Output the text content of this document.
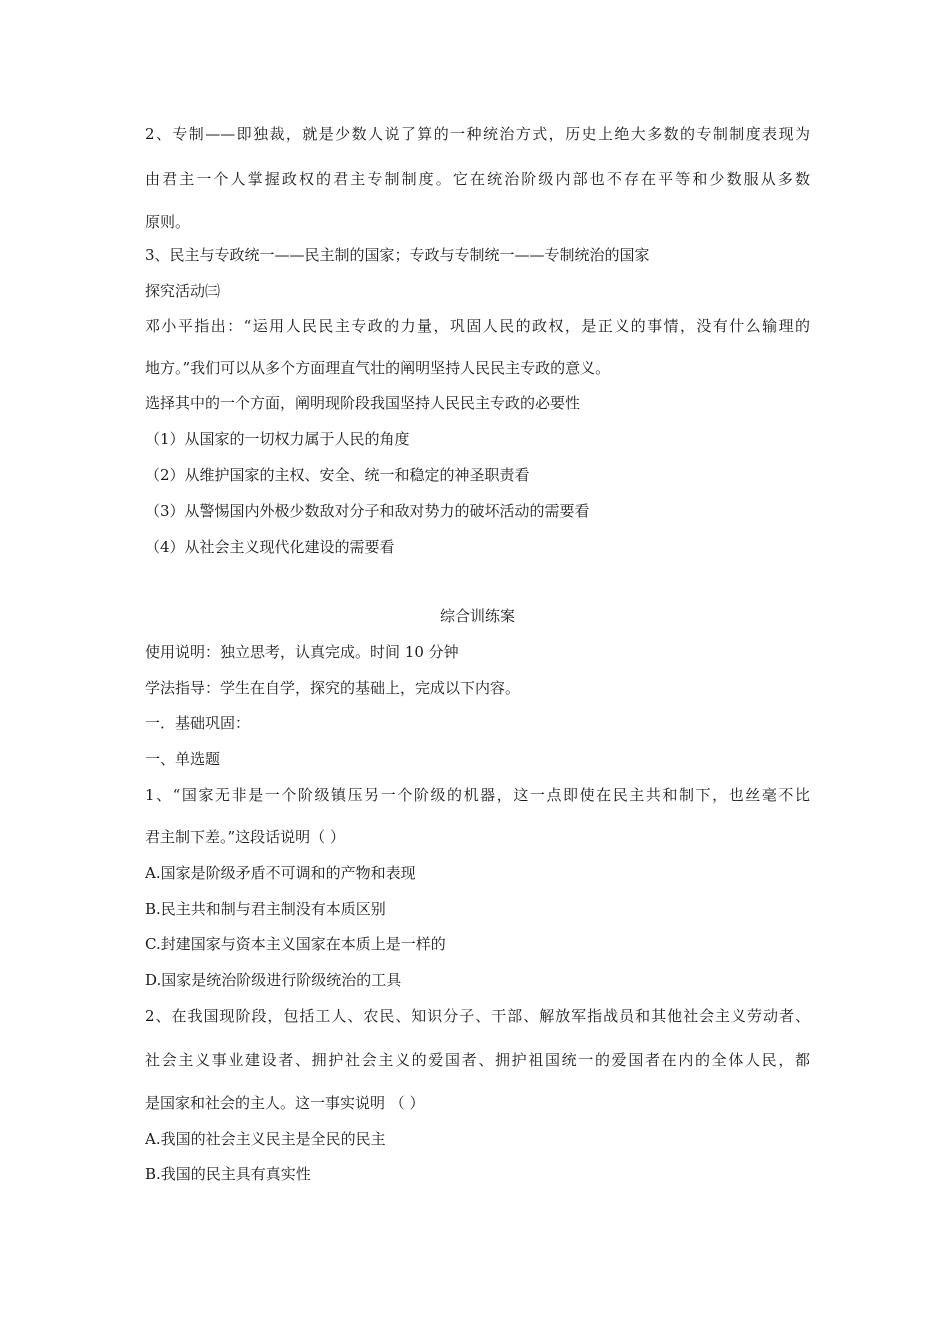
2、专制——即独裁，就是少数人说了算的一种统治方式，历史上绝大多数的专制制度表现为
由君主一个人掌握政权的君主专制制度。它在统治阶级内部也不存在平等和少数服从多数
原则。
3、民主与专政统一——民主制的国家；专政与专制统一——专制统治的国家
探究活动㈢
邓小平指出：“运用人民民主专政的力量，巩固人民的政权，是正义的事情，没有什么输理的
地方。”我们可以从多个方面理直气壮的阐明坚持人民民主专政的意义。
选择其中的一个方面，阐明现阶段我国坚持人民民主专政的必要性
（1）从国家的一切权力属于人民的角度
（2）从维护国家的主权、安全、统一和稳定的神圣职责看
（3）从警惕国内外极少数敌对分子和敌对势力的破坏活动的需要看
（4）从社会主义现代化建设的需要看
综合训练案
使用说明：独立思考，认真完成。时间 10 分钟
学法指导：学生在自学，探究的基础上，完成以下内容。
一．基础巩固：
一、单选题
1、“国家无非是一个阶级镇压另一个阶级的机器，这一点即使在民主共和制下，也丝毫不比
君主制下差。”这段话说明（ ）
A.国家是阶级矛盾不可调和的产物和表现
B.民主共和制与君主制没有本质区别
C.封建国家与资本主义国家在本质上是一样的
D.国家是统治阶级进行阶级统治的工具
2、在我国现阶段，包括工人、农民、知识分子、干部、解放军指战员和其他社会主义劳动者、
社会主义事业建设者、拥护社会主义的爱国者、拥护祖国统一的爱国者在内的全体人民，都
是国家和社会的主人。这一事实说明 （ ）
A.我国的社会主义民主是全民的民主
B.我国的民主具有真实性
